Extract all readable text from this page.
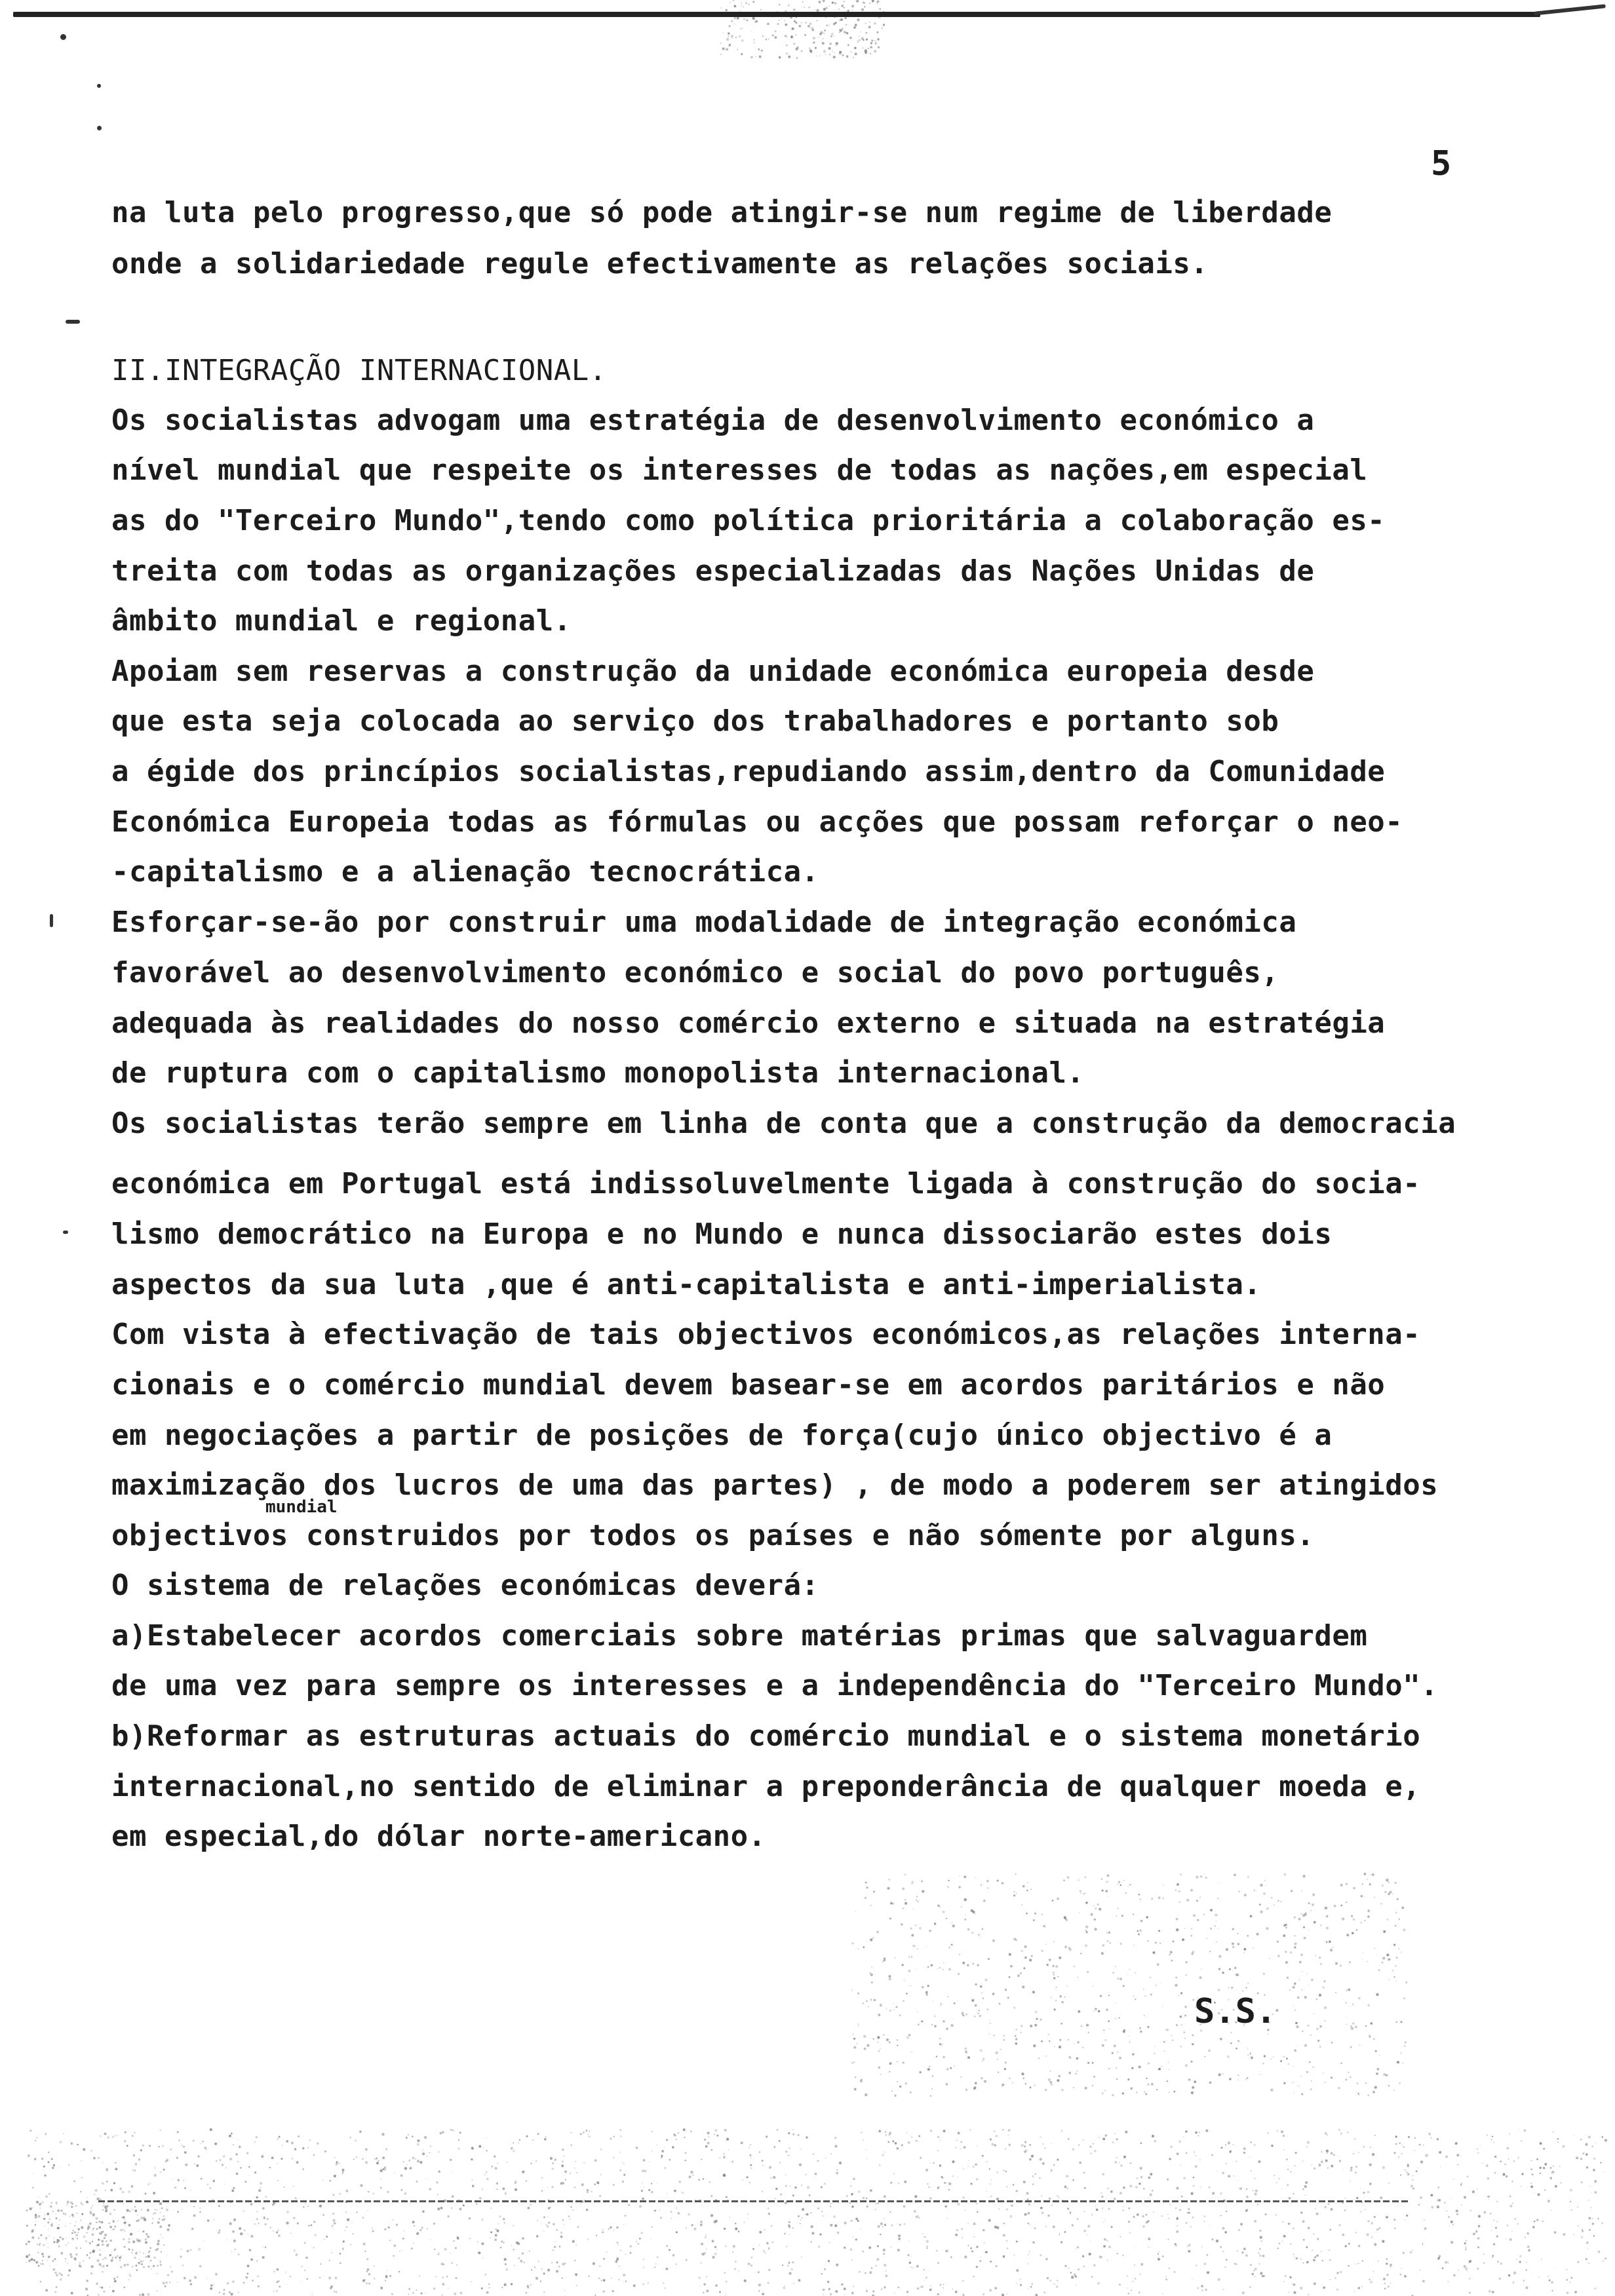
5
na luta pelo progresso,que só pode atingir-se num regime de liberdade
onde a solidariedade regule efectivamente as relações sociais.
II.INTEGRAÇÃO INTERNACIONAL.
Os socialistas advogam uma estratégia de desenvolvimento económico a
nível mundial que respeite os interesses de todas as nações,em especial
as do "Terceiro Mundo",tendo como política prioritária a colaboração es-
treita com todas as organizações especializadas das Nações Unidas de
âmbito mundial e regional.
Apoiam sem reservas a construção da unidade económica europeia desde
que esta seja colocada ao serviço dos trabalhadores e portanto sob
a égide dos princípios socialistas,repudiando assim,dentro da Comunidade
Económica Europeia todas as fórmulas ou acções que possam reforçar o neo-
-capitalismo e a alienação tecnocrática.
Esforçar-se-ão por construir uma modalidade de integração económica
favorável ao desenvolvimento económico e social do povo português,
adequada às realidades do nosso comércio externo e situada na estratégia
de ruptura com o capitalismo monopolista internacional.
Os socialistas terão sempre em linha de conta que a construção da democracia
económica em Portugal está indissoluvelmente ligada à construção do socia-
lismo democrático na Europa e no Mundo e nunca dissociarão estes dois
aspectos da sua luta ,que é anti-capitalista e anti-imperialista.
Com vista à efectivação de tais objectivos económicos,as relações interna-
cionais e o comércio mundial devem basear-se em acordos paritários e não
em negociações a partir de posições de força(cujo único objectivo é a
maximização dos lucros de uma das partes) , de modo a poderem ser atingidos
objectivos construidos por todos os países e não sómente por alguns.
O sistema de relações económicas deverá:
a)Estabelecer acordos comerciais sobre matérias primas que salvaguardem
de uma vez para sempre os interesses e a independência do "Terceiro Mundo".
b)Reformar as estruturas actuais do comércio mundial e o sistema monetário
internacional,no sentido de eliminar a preponderância de qualquer moeda e,
em especial,do dólar norte-americano.
mundial
S.S.
